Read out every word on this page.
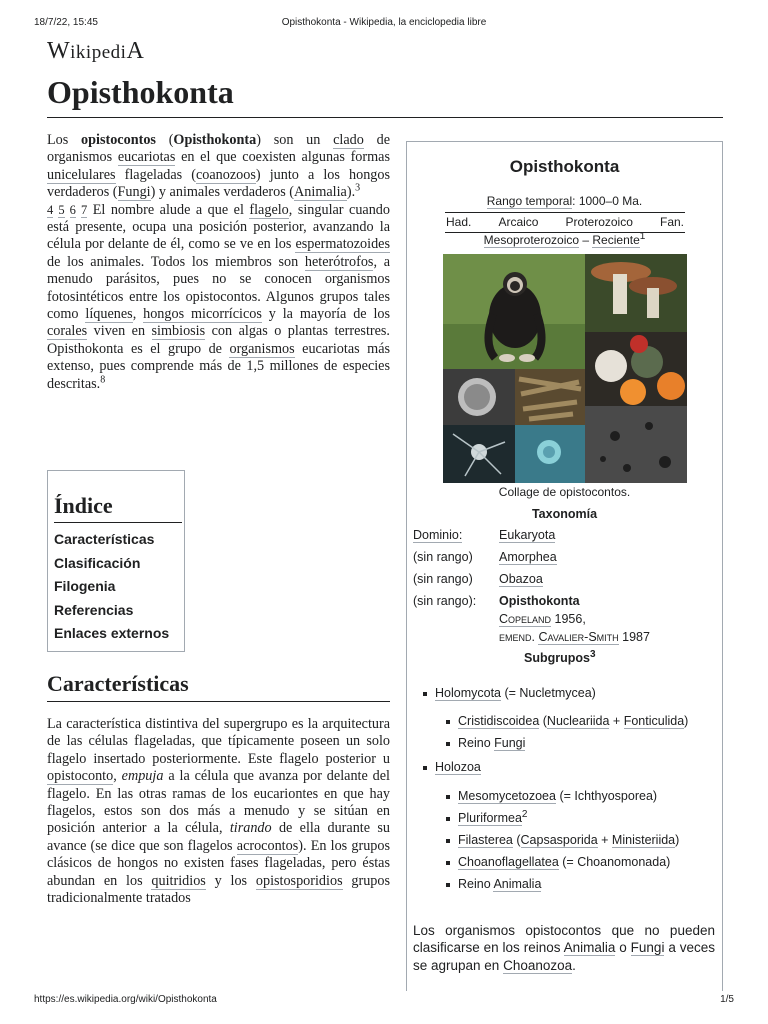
18/7/22, 15:45	Opisthokonta - Wikipedia, la enciclopedia libre
WikipediA
Opisthokonta

Los opistocontos (Opisthokonta) son un clado de organismos eucariotas en el que coexisten algunas formas unicelulares flageladas (coanozoos) junto a los hongos verdaderos (Fungi) y animales verdaderos (Animalia).$^3$
4 5 6 7 El nombre alude a que el flagelo, singular cuando está presente, ocupa una posición posterior, avanzando la célula por delante de él, como se ve en los espermatozoides de los animales. Todos los miembros son heterótrofos, a menudo parásitos, pues no se conocen organismos fotosintéticos entre los opistocontos. Algunos grupos tales como líquenes, hongos micorrícicos y la mayoría de los corales viven en simbiosis con algas o plantas terrestres. Opisthokonta es el grupo de organismos eucariotas más extenso, pues comprende más de 1,5 millones de especies descritas.$^8$

Índice
Características
Clasificación
Filogenia
Referencias
Enlaces externos
Características

La característica distintiva del supergrupo es la arquitectura de las células flageladas, que típicamente poseen un solo flagelo insertado posteriormente. Este flagelo posterior u opistoconto, empuja a la célula que avanza por delante del flagelo. En las otras ramas de los eucariontes en que hay flagelos, estos son dos más a menudo y se sitúan en posición anterior a la célula, tirando de ella durante su avance (se dice que son flagelos acrocontos). En los grupos clásicos de hongos no existen fases flageladas, pero éstas abundan en los quitridios y los opistosporidios grupos tradicionalmente tratados

Opisthokonta
Rango temporal: 1000–0 Ma.
Had. Arcaico Proterozoico Fan.
Mesoproterozoico – Reciente$^1$
Collage de opistocontos.
Taxonomía
Dominio:	Eukaryota
(sin rango)	Amorphea
(sin rango)	Obazoa
(sin rango):	Opisthokonta
Copeland 1956,
emend. Cavalier-Smith 1987
Subgrupos$^3$
Holomycota (= Nucletmycea)
Cristidiscoidea (Nucleariida + Fonticulida)
Reino Fungi
Holozoa
Mesomycetozoea (= Ichthyosporea)
Pluriformea$^2$
Filasterea (Capsasporida + Ministeriida)
Choanoflagellatea (= Choanomonada)
Reino Animalia
Los organismos opistocontos que no pueden clasificarse en los reinos Animalia o Fungi a veces se agrupan en Choanozoa.
https://es.wikipedia.org/wiki/Opisthokonta	1/5
